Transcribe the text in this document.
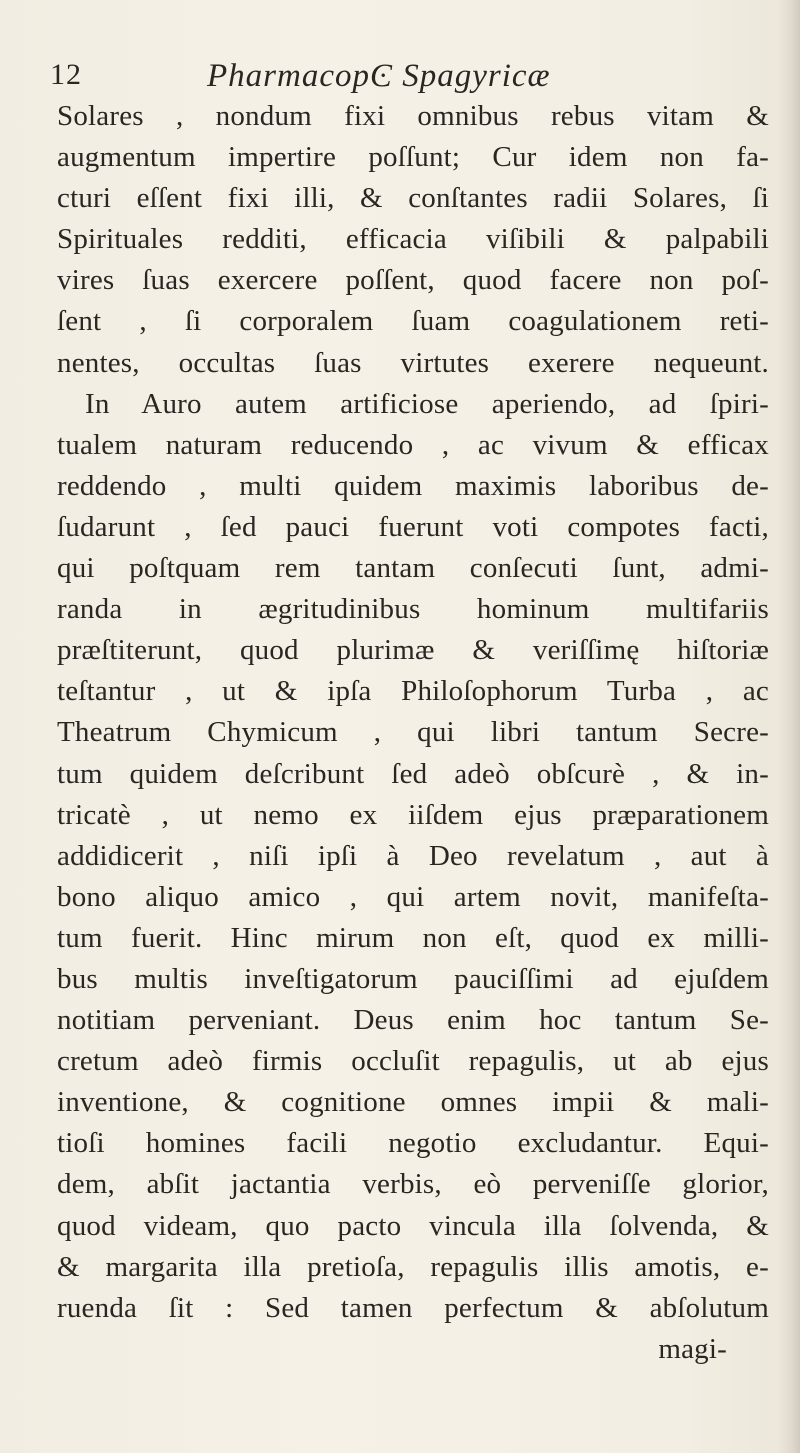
12	PharmacopϾ Spagyricæ
Solares , nondum fixi omnibus rebus vitam &
augmentum impertire poſſunt; Cur idem non fa-
cturi eſſent fixi illi, & conſtantes radii Solares, ſi
Spirituales redditi, efficacia viſibili & palpabili
vires ſuas exercere poſſent, quod facere non poſ-
ſent , ſi corporalem ſuam coagulationem reti-
nentes, occultas ſuas virtutes exerere nequeunt.
In Auro autem artificiose aperiendo, ad ſpiri-
tualem naturam reducendo , ac vivum & efficax
reddendo , multi quidem maximis laboribus de-
ſudarunt , ſed pauci fuerunt voti compotes facti,
qui poſtquam rem tantam conſecuti ſunt, admi-
randa in ægritudinibus hominum multifariis
præſtiterunt, quod plurimæ & veriſſimę hiſtoriæ
teſtantur , ut & ipſa Philoſophorum Turba , ac
Theatrum Chymicum , qui libri tantum Secre-
tum quidem deſcribunt ſed adeò obſcurè , & in-
tricatè , ut nemo ex iiſdem ejus præparationem
addidicerit , niſi ipſi à Deo revelatum , aut à
bono aliquo amico , qui artem novit, manifeſta-
tum fuerit. Hinc mirum non eſt, quod ex milli-
bus multis inveſtigatorum pauciſſimi ad ejuſdem
notitiam perveniant. Deus enim hoc tantum Se-
cretum adeò firmis occluſit repagulis, ut ab ejus
inventione, & cognitione omnes impii & mali-
tioſi homines facili negotio excludantur. Equi-
dem, abſit jactantia verbis, eò perveniſſe glorior,
quod videam, quo pacto vincula illa ſolvenda, &
& margarita illa pretioſa, repagulis illis amotis, e-
ruenda ſit : Sed tamen perfectum & abſolutum
magi-
